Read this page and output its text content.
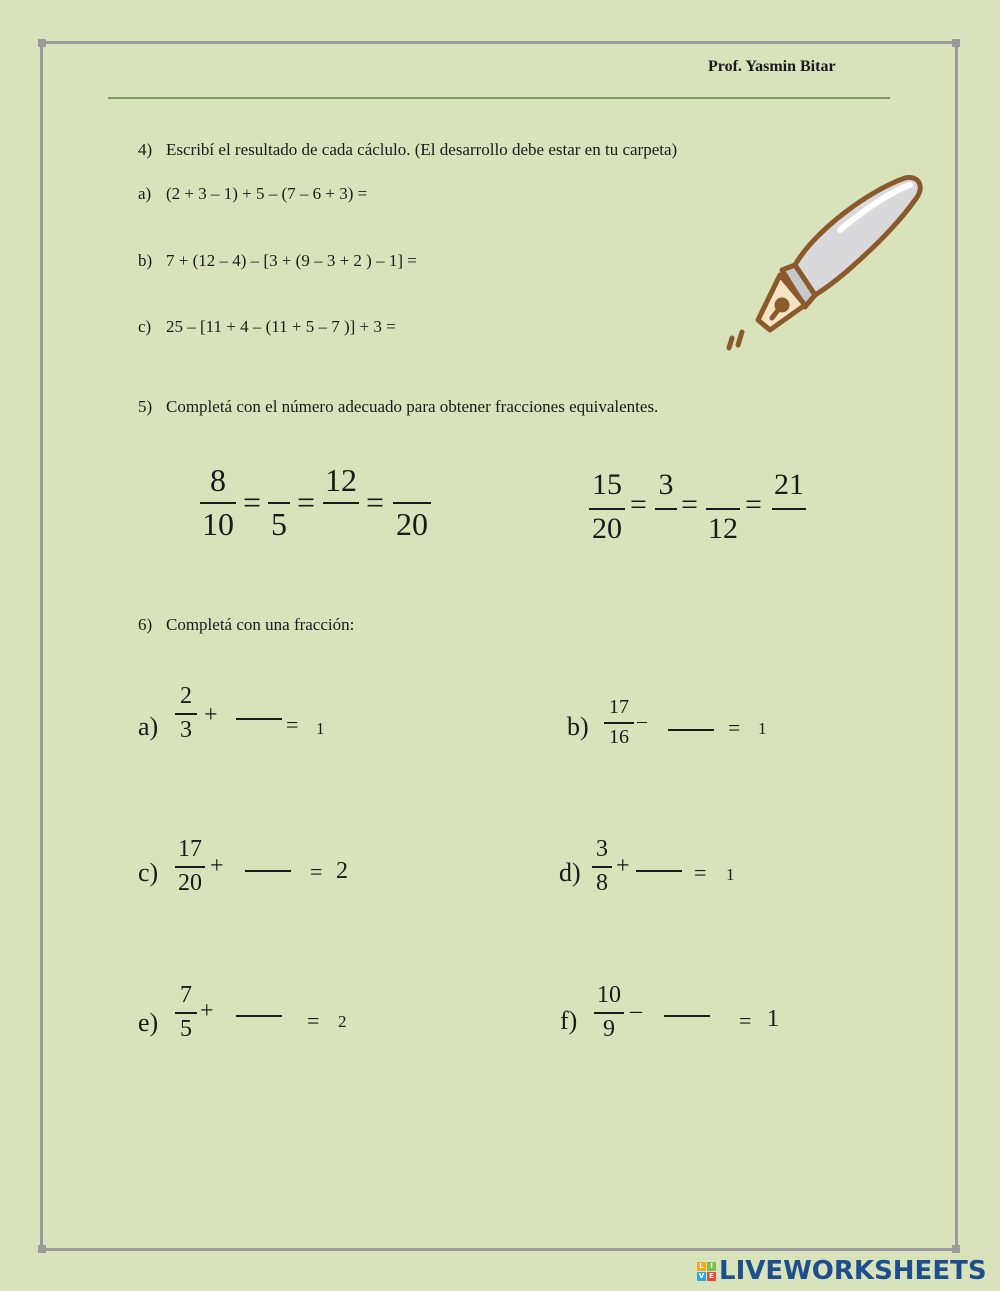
Prof. Yasmin Bitar
4) Escribí el resultado de cada cáclulo. (El desarrollo debe estar en tu carpeta)
a) (2 + 3 – 1) + 5 – (7 – 6 + 3) =
b) 7 + (12 – 4) – [3 + (9 – 3 + 2 ) – 1] =
c) 25 – [11 + 4 – (11 + 5 – 7 )] + 3 =
5) Completá con el número adecuado para obtener fracciones equivalentes.
8
10
=
5
=
12
=
20
15
20
=
3
=
12
=
21
6) Completá con una fracción:
a)
2
3
+	= 1	b)
17
16
–	= 1
c)
17
20
+	= 2	d)
3
8
+	= 1
e)
7
5
+	= 2	f)
10
9
–	= 1
L I
V E LIVEWORKSHEETS
